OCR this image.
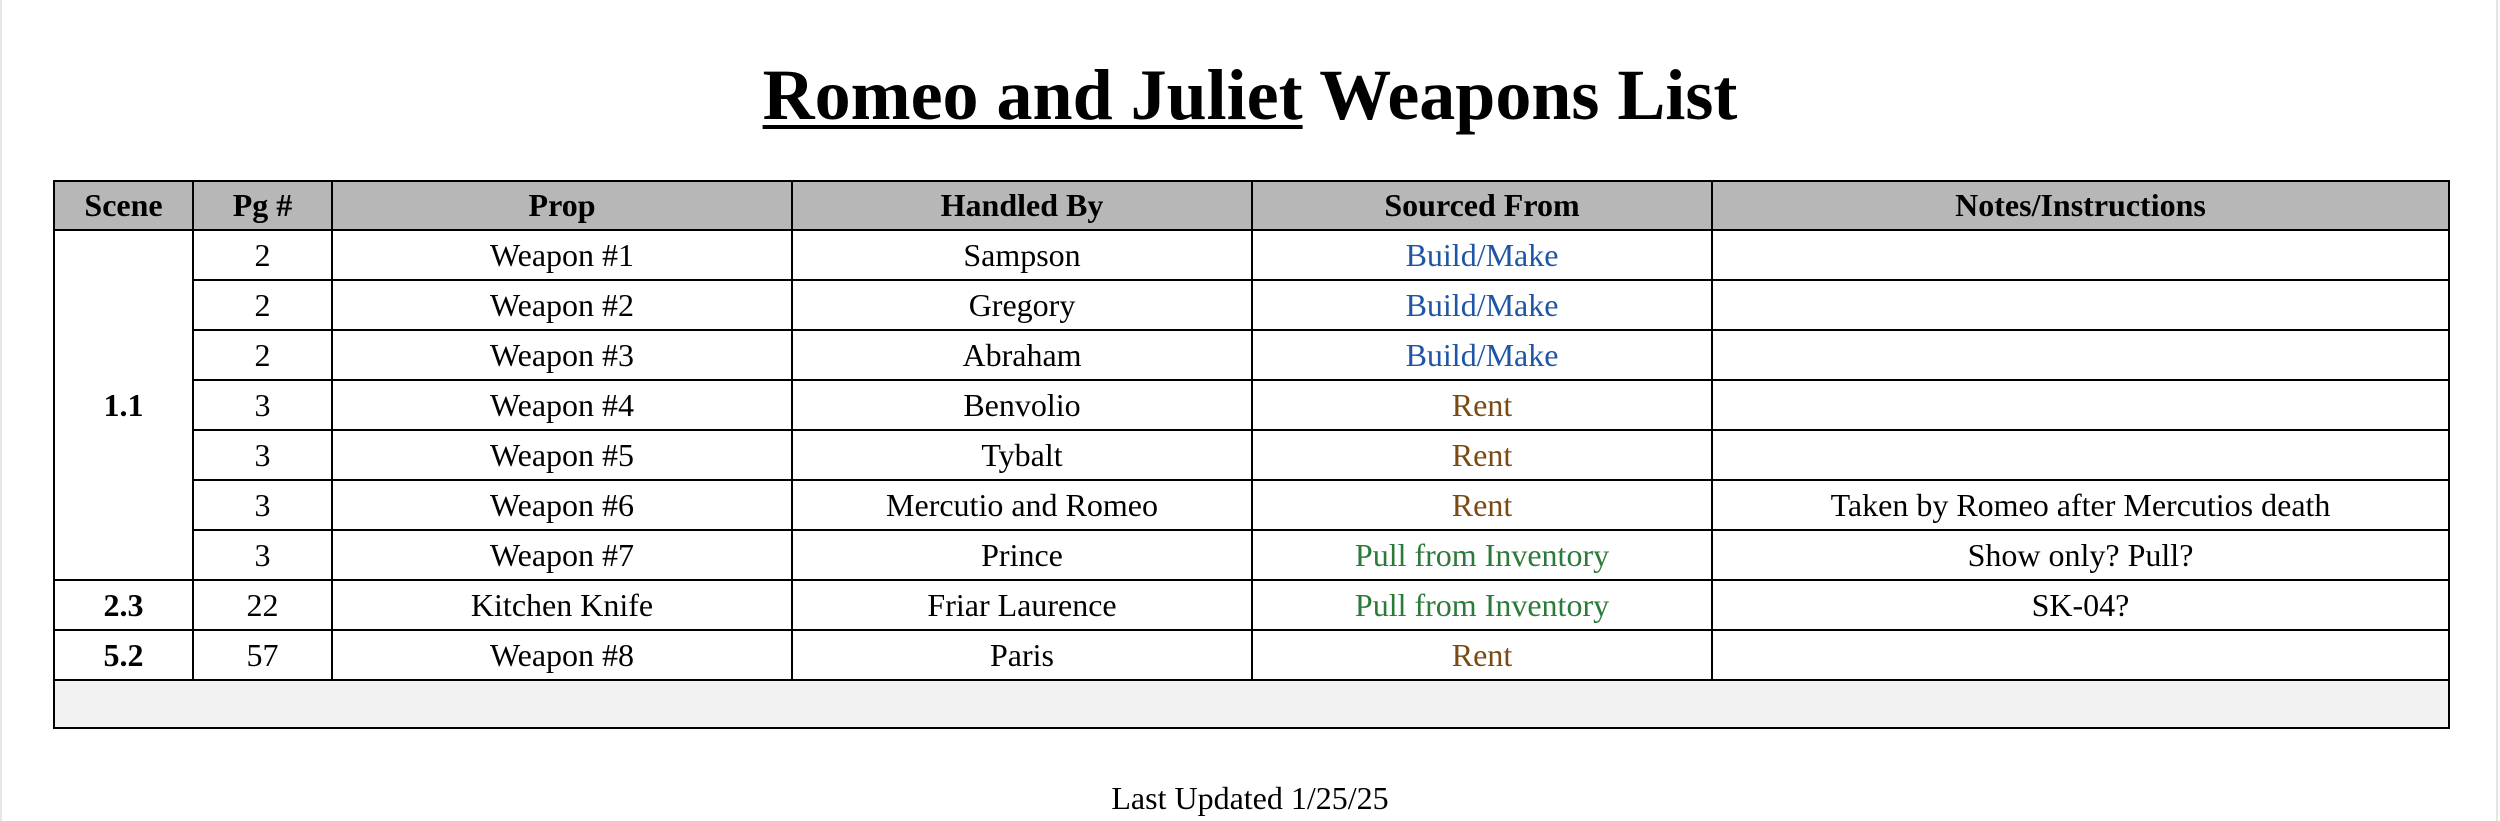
Romeo and Juliet Weapons List
Scene	Pg #	Prop	Handled By	Sourced From	Notes/Instructions
1.1	2	Weapon #1	Sampson	Build/Make	
	2	Weapon #2	Gregory	Build/Make	
	2	Weapon #3	Abraham	Build/Make	
	3	Weapon #4	Benvolio	Rent	
	3	Weapon #5	Tybalt	Rent	
	3	Weapon #6	Mercutio and Romeo	Rent	Taken by Romeo after Mercutios death
	3	Weapon #7	Prince	Pull from Inventory	Show only? Pull?
2.3	22	Kitchen Knife	Friar Laurence	Pull from Inventory	SK-04?
5.2	57	Weapon #8	Paris	Rent	

Last Updated 1/25/25
